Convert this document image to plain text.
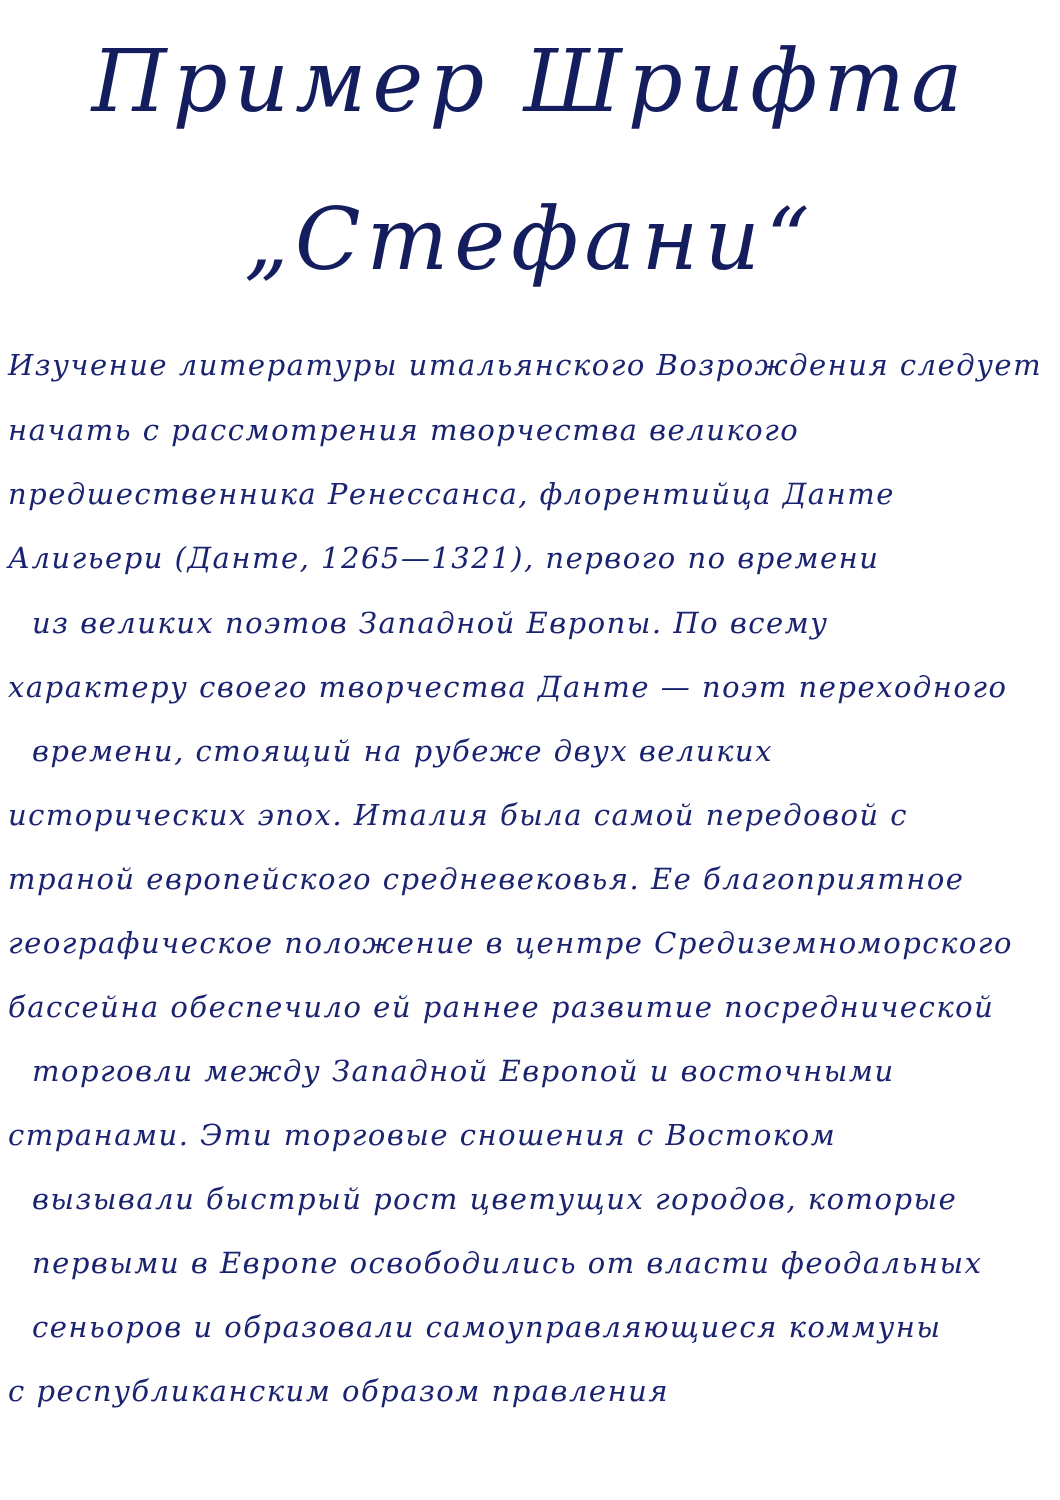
Пример Шрифта
„Стефани“
Изучение литературы итальянского Возрождения следует
начать с рассмотрения творчества великого
предшественника Ренессанса, флорентийца Данте
Алигьери (Данте, 1265—1321), первого по времени
из великих поэтов Западной Европы. По всему
характеру своего творчества Данте — поэт переходного
времени, стоящий на рубеже двух великих
исторических эпох. Италия была самой передовой с
траной европейского средневековья. Ее благоприятное
географическое положение в центре Средиземноморского
бассейна обеспечило ей раннее развитие посреднической
торговли между Западной Европой и восточными
странами. Эти торговые сношения с Востоком
вызывали быстрый рост цветущих городов, которые
первыми в Европе освободились от власти феодальных
сеньоров и образовали самоуправляющиеся коммуны
с республиканским образом правления
